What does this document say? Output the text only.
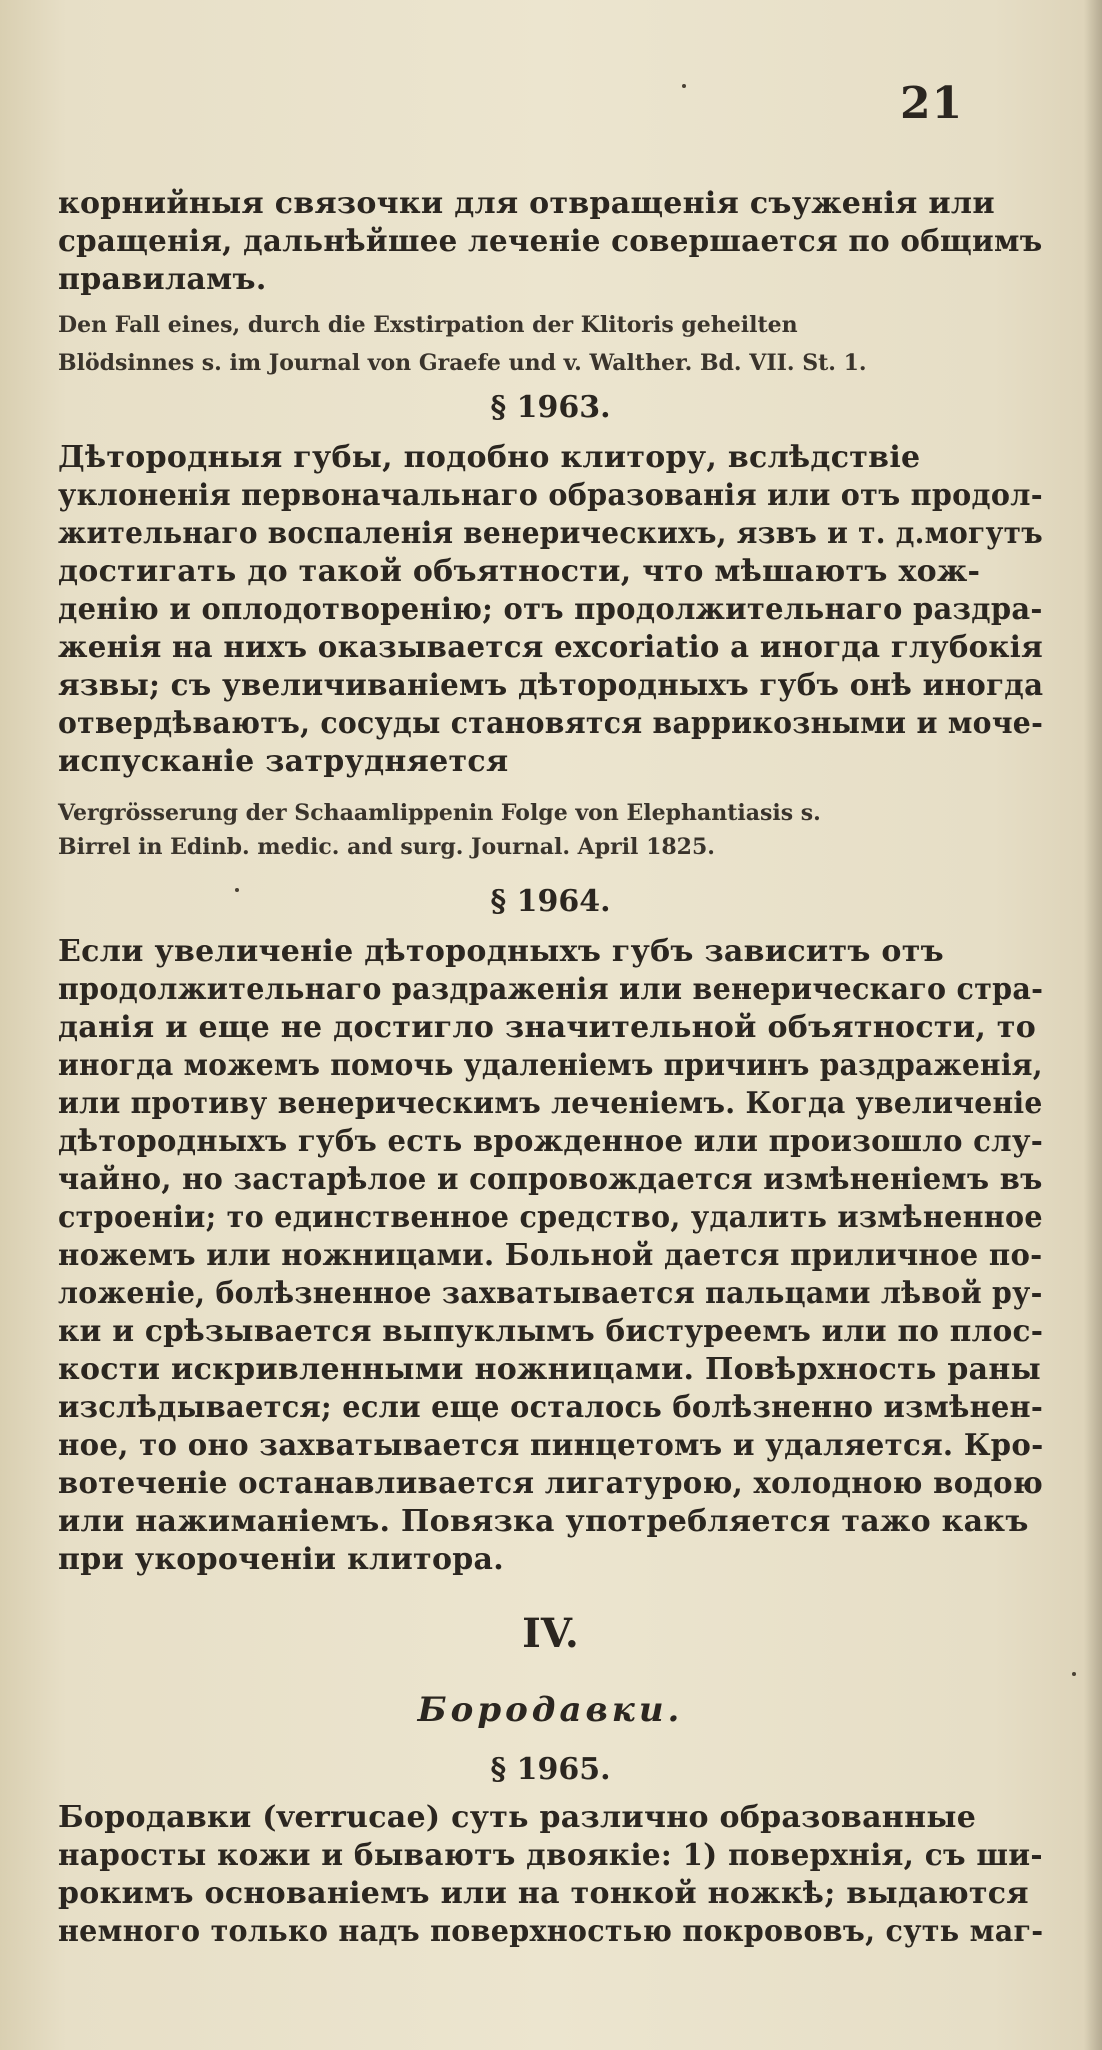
21
корнийныя связочки для отвращенія съуженія или
сращенія, дальнѣйшее леченіе совершается по общимъ
правиламъ.
Den Fall eines, durch die Exstirpation der Klitoris geheilten
Blödsinnes s. im Journal von Graefe und v. Walther. Bd. VII. St. 1.
§ 1963.
Дѣтородныя губы, подобно клитору, вслѣдствіе
уклоненія первоначальнаго образованія или отъ продол-
жительнаго воспаленія венерическихъ, язвъ и т. д.могутъ
достигать до такой объятности, что мѣшаютъ хож-
денію и оплодотворенію; отъ продолжительнаго раздра-
женія на нихъ оказывается excoriatio а иногда глубокія
язвы; съ увеличиваніемъ дѣтородныхъ губъ онѣ иногда
отвердѣваютъ, сосуды становятся варрикозными и моче-
испусканіе затрудняется
Vergrösserung der Schaamlippenin Folge von Elephantiasis s.
Birrel in Edinb. medic. and surg. Journal. April 1825.
§ 1964.
Если увеличеніе дѣтородныхъ губъ зависитъ отъ
продолжительнаго раздраженія или венерическаго стра-
данія и еще не достигло значительной объятности, то
иногда можемъ помочь удаленіемъ причинъ раздраженія,
или противу венерическимъ леченіемъ. Когда увеличеніе
дѣтородныхъ губъ есть врожденное или произошло слу-
чайно, но застарѣлое и сопровождается измѣненіемъ въ
строеніи; то единственное средство, удалить измѣненное
ножемъ или ножницами. Больной дается приличное по-
ложеніе, болѣзненное захватывается пальцами лѣвой ру-
ки и срѣзывается выпуклымъ бистуреемъ или по плос-
кости искривленными ножницами. Повѣрхность раны
изслѣдывается; если еще осталось болѣзненно измѣнен-
ное, то оно захватывается пинцетомъ и удаляется. Кро-
вотеченіе останавливается лигатурою, холодною водою
или нажиманіемъ. Повязка употребляется тажо какъ
при укороченіи клитора.
IV.
Бородавки.
§ 1965.
Бородавки (verrucae) суть различно образованные
наросты кожи и бываютъ двоякіе: 1) поверхнія, съ ши-
рокимъ основаніемъ или на тонкой ножкѣ; выдаются
немного только надъ поверхностью покрововъ, суть маг-
